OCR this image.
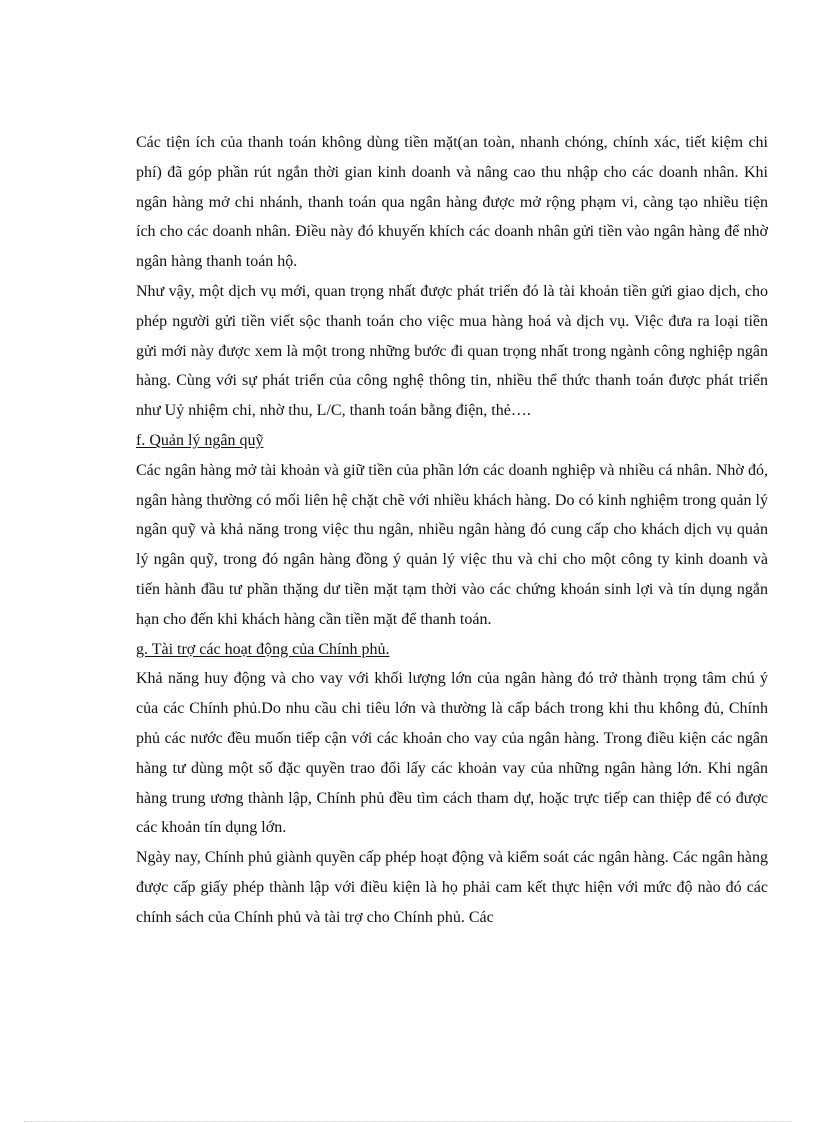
Các tiện ích của thanh toán không dùng tiền mặt(an toàn, nhanh chóng, chính xác, tiết kiệm chi phí) đã góp phần rút ngắn thời gian kinh doanh và nâng cao thu nhập cho các doanh nhân. Khi ngân hàng mở chi nhánh, thanh toán qua ngân hàng được mở rộng phạm vi, càng tạo nhiều tiện ích cho các doanh nhân. Điều này đó khuyến khích các doanh nhân gửi tiền vào ngân hàng để nhờ ngân hàng thanh toán hộ.

Như vậy, một dịch vụ mới, quan trọng nhất được phát triển đó là tài khoản tiền gửi giao dịch, cho phép người gửi tiền viết sộc thanh toán cho việc mua hàng hoá và dịch vụ. Việc đưa ra loại tiền gửi mới này được xem là một trong những bước đi quan trọng nhất trong ngành công nghiệp ngân hàng. Cùng với sự phát triển của công nghệ thông tin, nhiều thể thức thanh toán được phát triển như Uỷ nhiệm chi, nhờ thu, L/C, thanh toán bằng điện, thẻ….

f. Quản lý ngân quỹ

Các ngân hàng mở tài khoản và giữ tiền của phần lớn các doanh nghiệp và nhiều cá nhân. Nhờ đó, ngân hàng thường có mối liên hệ chặt chẽ với nhiều khách hàng. Do có kinh nghiệm trong quản lý ngân quỹ và khả năng trong việc thu ngân, nhiều ngân hàng đó cung cấp cho khách dịch vụ quản lý ngân quỹ, trong đó ngân hàng đồng ý quản lý việc thu và chi cho một công ty kinh doanh và tiến hành đầu tư phần thặng dư tiền mặt tạm thời vào các chứng khoán sinh lợi và tín dụng ngắn hạn cho đến khi khách hàng cần tiền mặt để thanh toán.

g. Tài trợ các hoạt động của Chính phủ.

Khả năng huy động và cho vay với khối lượng lớn của ngân hàng đó trở thành trọng tâm chú ý của các Chính phủ.Do nhu cầu chi tiêu lớn và thường là cấp bách trong khi thu không đủ, Chính phủ các nước đều muốn tiếp cận với các khoản cho vay của ngân hàng. Trong điều kiện các ngân hàng tư dùng một số đặc quyền trao đổi lấy các khoản vay của những ngân hàng lớn. Khi ngân hàng trung ương thành lập, Chính phủ đều tìm cách tham dự, hoặc trực tiếp can thiệp để có được các khoản tín dụng lớn.

Ngày nay, Chính phủ giành quyền cấp phép hoạt động và kiểm soát các ngân hàng. Các ngân hàng được cấp giấy phép thành lập với điều kiện là họ phải cam kết thực hiện với mức độ nào đó các chính sách của Chính phủ và tài trợ cho Chính phủ. Các
